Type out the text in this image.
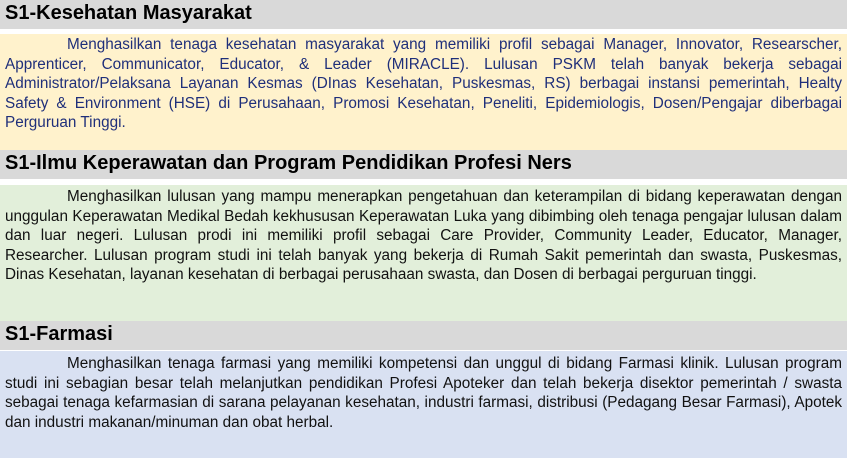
S1-Kesehatan Masyarakat

Menghasilkan tenaga kesehatan masyarakat yang memiliki profil sebagai Manager, Innovator, Researscher, Apprenticer, Communicator, Educator, & Leader (MIRACLE). Lulusan PSKM telah banyak bekerja sebagai Administrator/Pelaksana Layanan Kesmas (DInas Kesehatan, Puskesmas, RS) berbagai instansi pemerintah, Healty Safety & Environment (HSE) di Perusahaan, Promosi Kesehatan, Peneliti, Epidemiologis, Dosen/Pengajar diberbagai Perguruan Tinggi.

S1-Ilmu Keperawatan dan Program Pendidikan Profesi Ners

Menghasilkan lulusan yang mampu menerapkan pengetahuan dan keterampilan di bidang keperawatan dengan unggulan Keperawatan Medikal Bedah kekhususan Keperawatan Luka yang dibimbing oleh tenaga pengajar lulusan dalam dan luar negeri. Lulusan prodi ini memiliki profil sebagai Care Provider, Community Leader, Educator, Manager, Researcher. Lulusan program studi ini telah banyak yang bekerja di Rumah Sakit pemerintah dan swasta, Puskesmas, Dinas Kesehatan, layanan kesehatan di berbagai perusahaan swasta, dan Dosen di berbagai perguruan tinggi.

S1-Farmasi

Menghasilkan tenaga farmasi yang memiliki kompetensi dan unggul di bidang Farmasi klinik. Lulusan program studi ini sebagian besar telah melanjutkan pendidikan Profesi Apoteker dan telah bekerja disektor pemerintah / swasta sebagai tenaga kefarmasian di sarana pelayanan kesehatan, industri farmasi, distribusi (Pedagang Besar Farmasi), Apotek dan industri makanan/minuman dan obat herbal.
